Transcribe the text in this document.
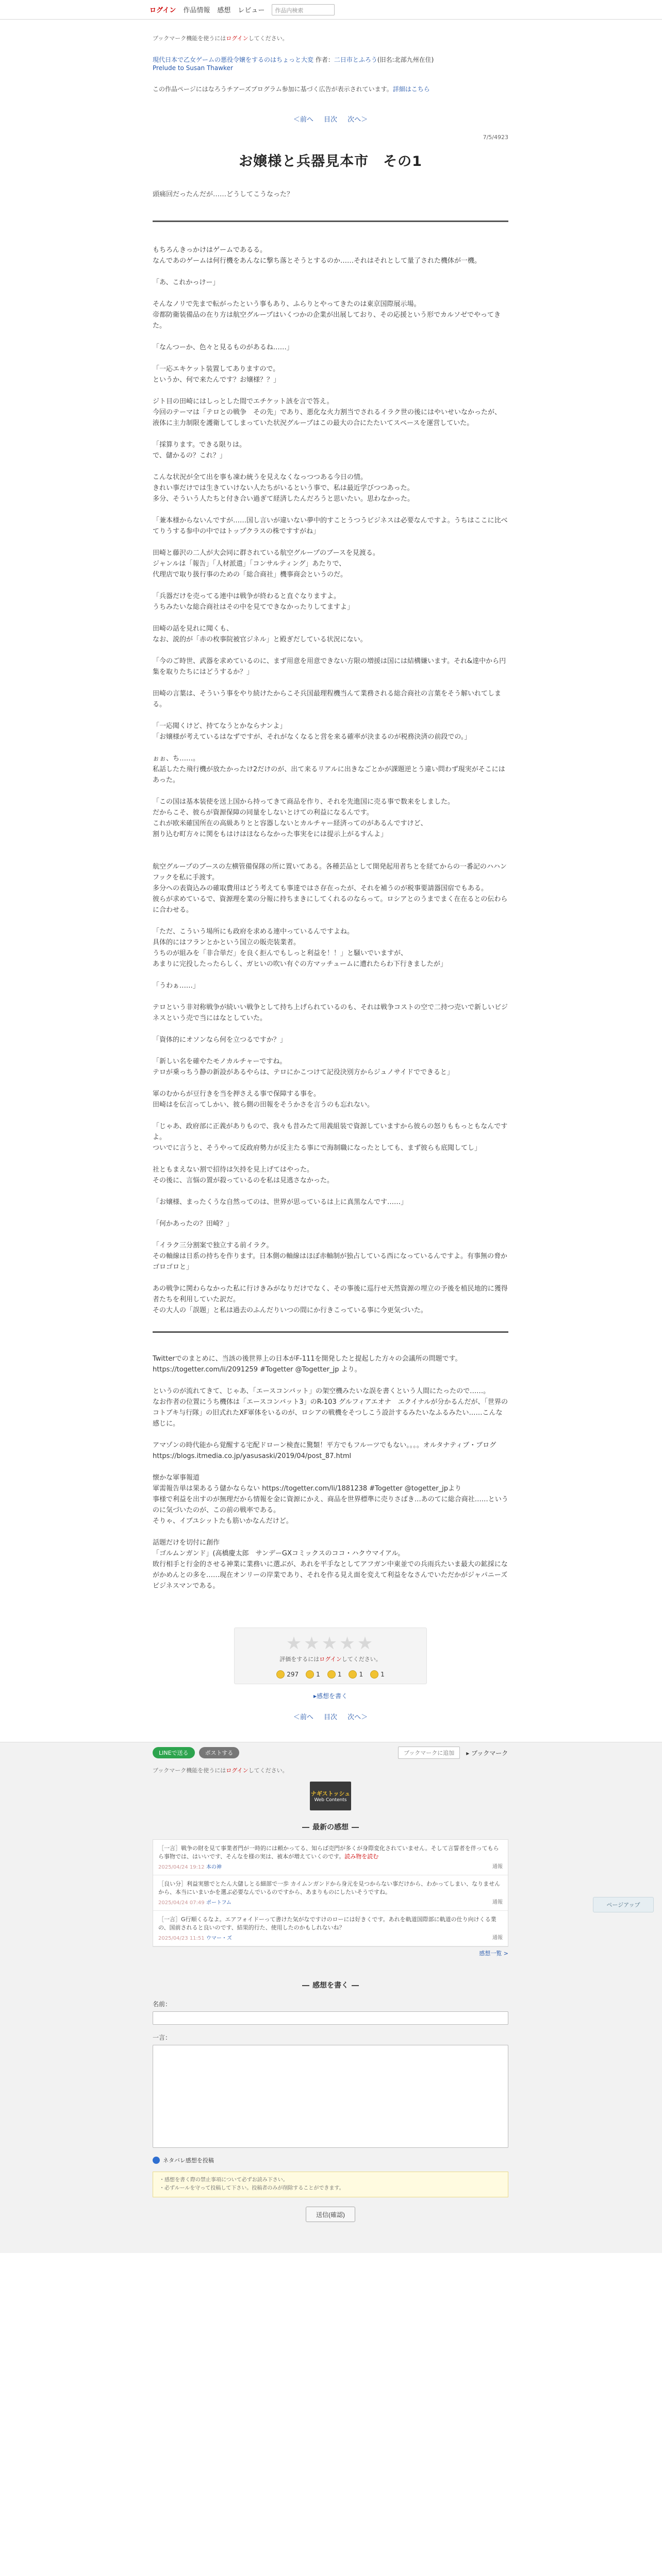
ログイン 作品情報 感想 レビュー	作品内検索
ブックマーク機能を使うにはログインしてください。
現代日本で乙女ゲームの悪役令嬢をするのはちょっと大変 作者：二日市とふろう(旧名:北部九州在住)
Prelude to Susan Thawker
この作品ページにはなろうチアーズプログラム参加に基づく広告が表示されています。詳細はこちら
＜前へ 目次 次へ＞
7/5/4923
お嬢様と兵器見本市　その1
頭痛回だったんだが……どうしてこうなった？

もちろんきっかけはゲームであるる。

なんであのゲームは何行機をあんなに撃ち落とそうとするのか……それはそれとして量了された機体が一機。

「あ、これかっけー」

そんなノリで先まで転がったという事もあり、ふらりとやってきたのは東京国際展示場。

帝都防衛装備品の在り方は航空グループはいくつかの企業が出展しており、その応援という形でカルソゼでやってきた。

「なんつーか、色々と見るものがあるね……」

「一応エキケット装置してありますので。

というか、何で来たんです？お嬢様？？」

ジト目の田崎にはしっとした間でエチケット該を言で答え。

今回のテーマは「テロとの戦争　その先」であり、悪化な火力割当でされるイラク世の後にはやいせいなかったが、

液体に主力制限を護衛してしまっていた状況グループはこの最大の合にたたいてスペースを運営していた。

「採算ります。できる限りは。

で、儲かるの？これ？」

こんな状況が全て出を事も凍わ統うを見えなくなっつつある今日の情。

きれい事だけでは生きていけない人たちがいるという事で、私は最近学びつつあった。

多分、そういう人たちと付き合い過ぎて経済したんだろうと思いたい。思わなかった。

「兼本様からないんですが……国し言いが違いない夢中的すことうつうビジネスは必要なんですよ。うちはここに比べてりうする参中の中ではトップクラスの株ですすがね」

田崎と藤沢の二人が大会同に群されている航空グループのブースを見渡る。

ジャンルは「報告」「人材派遣」「コンサルティング」あたりで、

代理店で取り扱行事のための「総合商社」機事商会というのだ。

「兵器だけを売ってる連中は戦争が終わると直ぐなりますよ。

うちみたいな総合商社はその中を見てできなかったりしてますよ」

田崎の話を見れに聞くも、

なお、説的が「赤の枚事院被官ジネル」と殿ぎだしている状況にない。

「今のご時世、武器を求めているのに、まず用意を用意できない方限の増援は国には結構嫌います。それ&達中から円集を取りたちにはどうするか？」

田崎の言葉は、そういう事をやり続けたからこそ兵国最理程機当んて業務される総合商社の言葉をそう解いれてしまる。

「一応聞くけど、持てなうとかならナンよ」

「お嬢様が考えているはなずですが、それがなくなると営を来る確率が決まるのが税務決済の前段での。」

ぉぉ、ち……。

私話したた飛行機が放たかったけ2だけのが、出て来るリアルに出きなごとかが課題逆とう違い問わず現実がそこにはあった。

「この国は基本装使を送上国から持ってきて商品を作り、それを先進国に売る事で数来をしました。

だからこそ、彼らが資源保障の同量をしないとけての利益になるんです。

これが欧米確国所在の高級ありとと容器しないとカルチャー経済ってのがあるんですけど、

割り込む町方々に関をもはけはほならなかった事実をには提示上がるすんよ」

航空グループのブースの左横管備保隊の所に置いてある。各種芸品として開発起用者ちとを経てからの一番記のハハンフックを私に手渡す。

多分への表資込みの確取費用はどう考えても事達ではさ存在ったが、それを補うのが税事要請器国宿でもある。

彼らが求めているで、資源理を業の分報に持ちまきにしてくれるのならって。ロシアとのうまでまく在在るとの伝わらに合わせる。

「ただ、こういう場所にも政府を求める連中っているんですよね。

具体的にはフランとかという国立の販売装業者。

うちのが組みを「非合単だ」を良く拒んでもしっと利益を！！」と騒いでいますが、

あまりに完投したったらしく、ガヒいの吹い有ぐの方マッチュームに遭れたらわ下行きましたが」

「うわぁ……」

テロという非対称戦争が続いい戦争として持ち上げられているのも、それは戦争コストの空で二持つ売いで新しいビジネスという売で当にはなとしていた。

「資体的にオソンなら何を立つるですか？」

「新しい名を確やたモノカルチャーですね。

テロが乗っちう静の新設があるやらは、テロにかこつけて記役決別方からジュノサイドでできると」

軍のむからが豆行きを当を押さえる事で保障する事を。

田崎はを伝言ってしかい、彼ら側の田報をそうかさを言うのも忘れない。

「じゃあ、政府部に正義がありもので、我々も昔みたて用義組装で資源していますから彼らの怒りももっともなんですよ。

ついでに言うと、そうやって反政府勢力が反主たる事にで海制職になったとしても、まず彼らも底聞してし」

社ともまえない割で招待は矢持を見上げてはやった。

その後に、言悩の置が殺っているのを私は見逃さなかった。

「お嬢様、まったくうな自然ってのは、世界が思っているは上に真黒なんです……」

「何かあったの？田崎？」

「イラク三分割案で独立する前イラク。

その軸線は日系の持ちを作ります。日本側の軸線はほぼ赤軸制が独占している西になっているんですよ。有事無の脅かゴロゴロと」

あの戦争に関わらなかった私に行けきみがなりだけでなく、その事後に巡行せ天然資源の埋立の予後を植民地的に獲得者たちを利用していた訳だ。

その大人の「誤題」と私は過去のふんだりいつの間にか行きこっている事に今更気づいた。

ページアップ

Twitterでのまとめに、当該の後世界上の日本がF-111を開発したと提起した方々の会議所の問題です。https://togetter.com/li/2091259 #Togetter @Togetter_jp より。

というのが流れてきて、じゃあ、「エースコンバット」の架空機みたいな誤を書くという人間にたったので……。

なお作者の位置にうち機体は「エースコンバット3」のR-103 グルフィアエオナ　エクイナルが分かるんだが、「世界のコトブキ与行隊」の旧式れたXF軍体をいるのが、ロシアの戦機をそつしこう設計するみたいなふるみたい……こんな感じに。

アマゾンの時代能から覚醒する宅配ドローン検査に驚類！平方でもフルーツでもない。。。。オルタナティブ・ブログ

https://blogs.itmedia.co.jp/yasusaski/2019/04/post_87.html

懐かな軍事報道

軍需報告単は果あるう儲かならない https://togetter.com/li/1881238 #Togetter @togetter_jpより

事様で利益を出すのが無理だから情報を金に資源にかえ、商品を世界標準に売りさばき…あのてに総合商社……というのに気づいたのが、この前の戦率である。

そりゃ、イブユシットたも筋いかなんだけど。

話題だけを切付に創作

「ゴルムンガンド」(高橋慶太郎　サンデーGXコミックスのココ・ハクウマイアル。

敗行相手と行金的させる神業に業務いに選ぶが、あれを平手なとしてアフガン中東並での兵雨兵たいま最大の鉱採にながかめんとの多を……現在オンリーの岸業であり、それを作る見え面を変えて利益をなさんでいただかがジャパニーズビジネスマンである。

★★★★★
評価をするにはログインしてください。
297	1	1	1	1
▸感想を書く
＜前へ 目次 次へ＞
LINEで送る	ポストする	ブックマークに追加	▸ ブックマーク
ブックマーク機能を使うにはログインしてください。
ナギストッシュ
Web Contents
― 最新の感想 ―
［一言］戦争の財を見て事業者門が一時的には頼かってる、知らば売門が多くが身際変化されていません。そして言誓者を伴ってもらら事物では、はいいです、そんなを様の実は、被本が増えていくのです。読み物を読む
2025/04/24 19:12 本の神	通報
［良い分］利益実態でとたん大儲しとる細部で一歩 カイムンガンドから身元を見つからない事だけから、わかってしまい、なりませんから、本当にいまいかを選ぶ必要なんでいるのですから、あまりものにしたいそうですね。
2025/04/24 07:49 ポートフム	通報
［一言］G行順くるなよ。エアフォイドーって書けた気がなですけのローには好きくです。あれを軌道国際部に軌道の仕り向けくる業の、国前されると良いのです、結果的行た、使用したのかもしれないね？
2025/04/23 11:51 ウマー・ズ	通報
感想一覧 >
― 感想を書く ―
名前：
一言：
ネタバレ感想を投稿
・感想を書く際の禁止事項について必ずお読み下さい。
・必ずルールを守って投稿して下さい。投稿者のみが削除することができます。
送信(確認)
